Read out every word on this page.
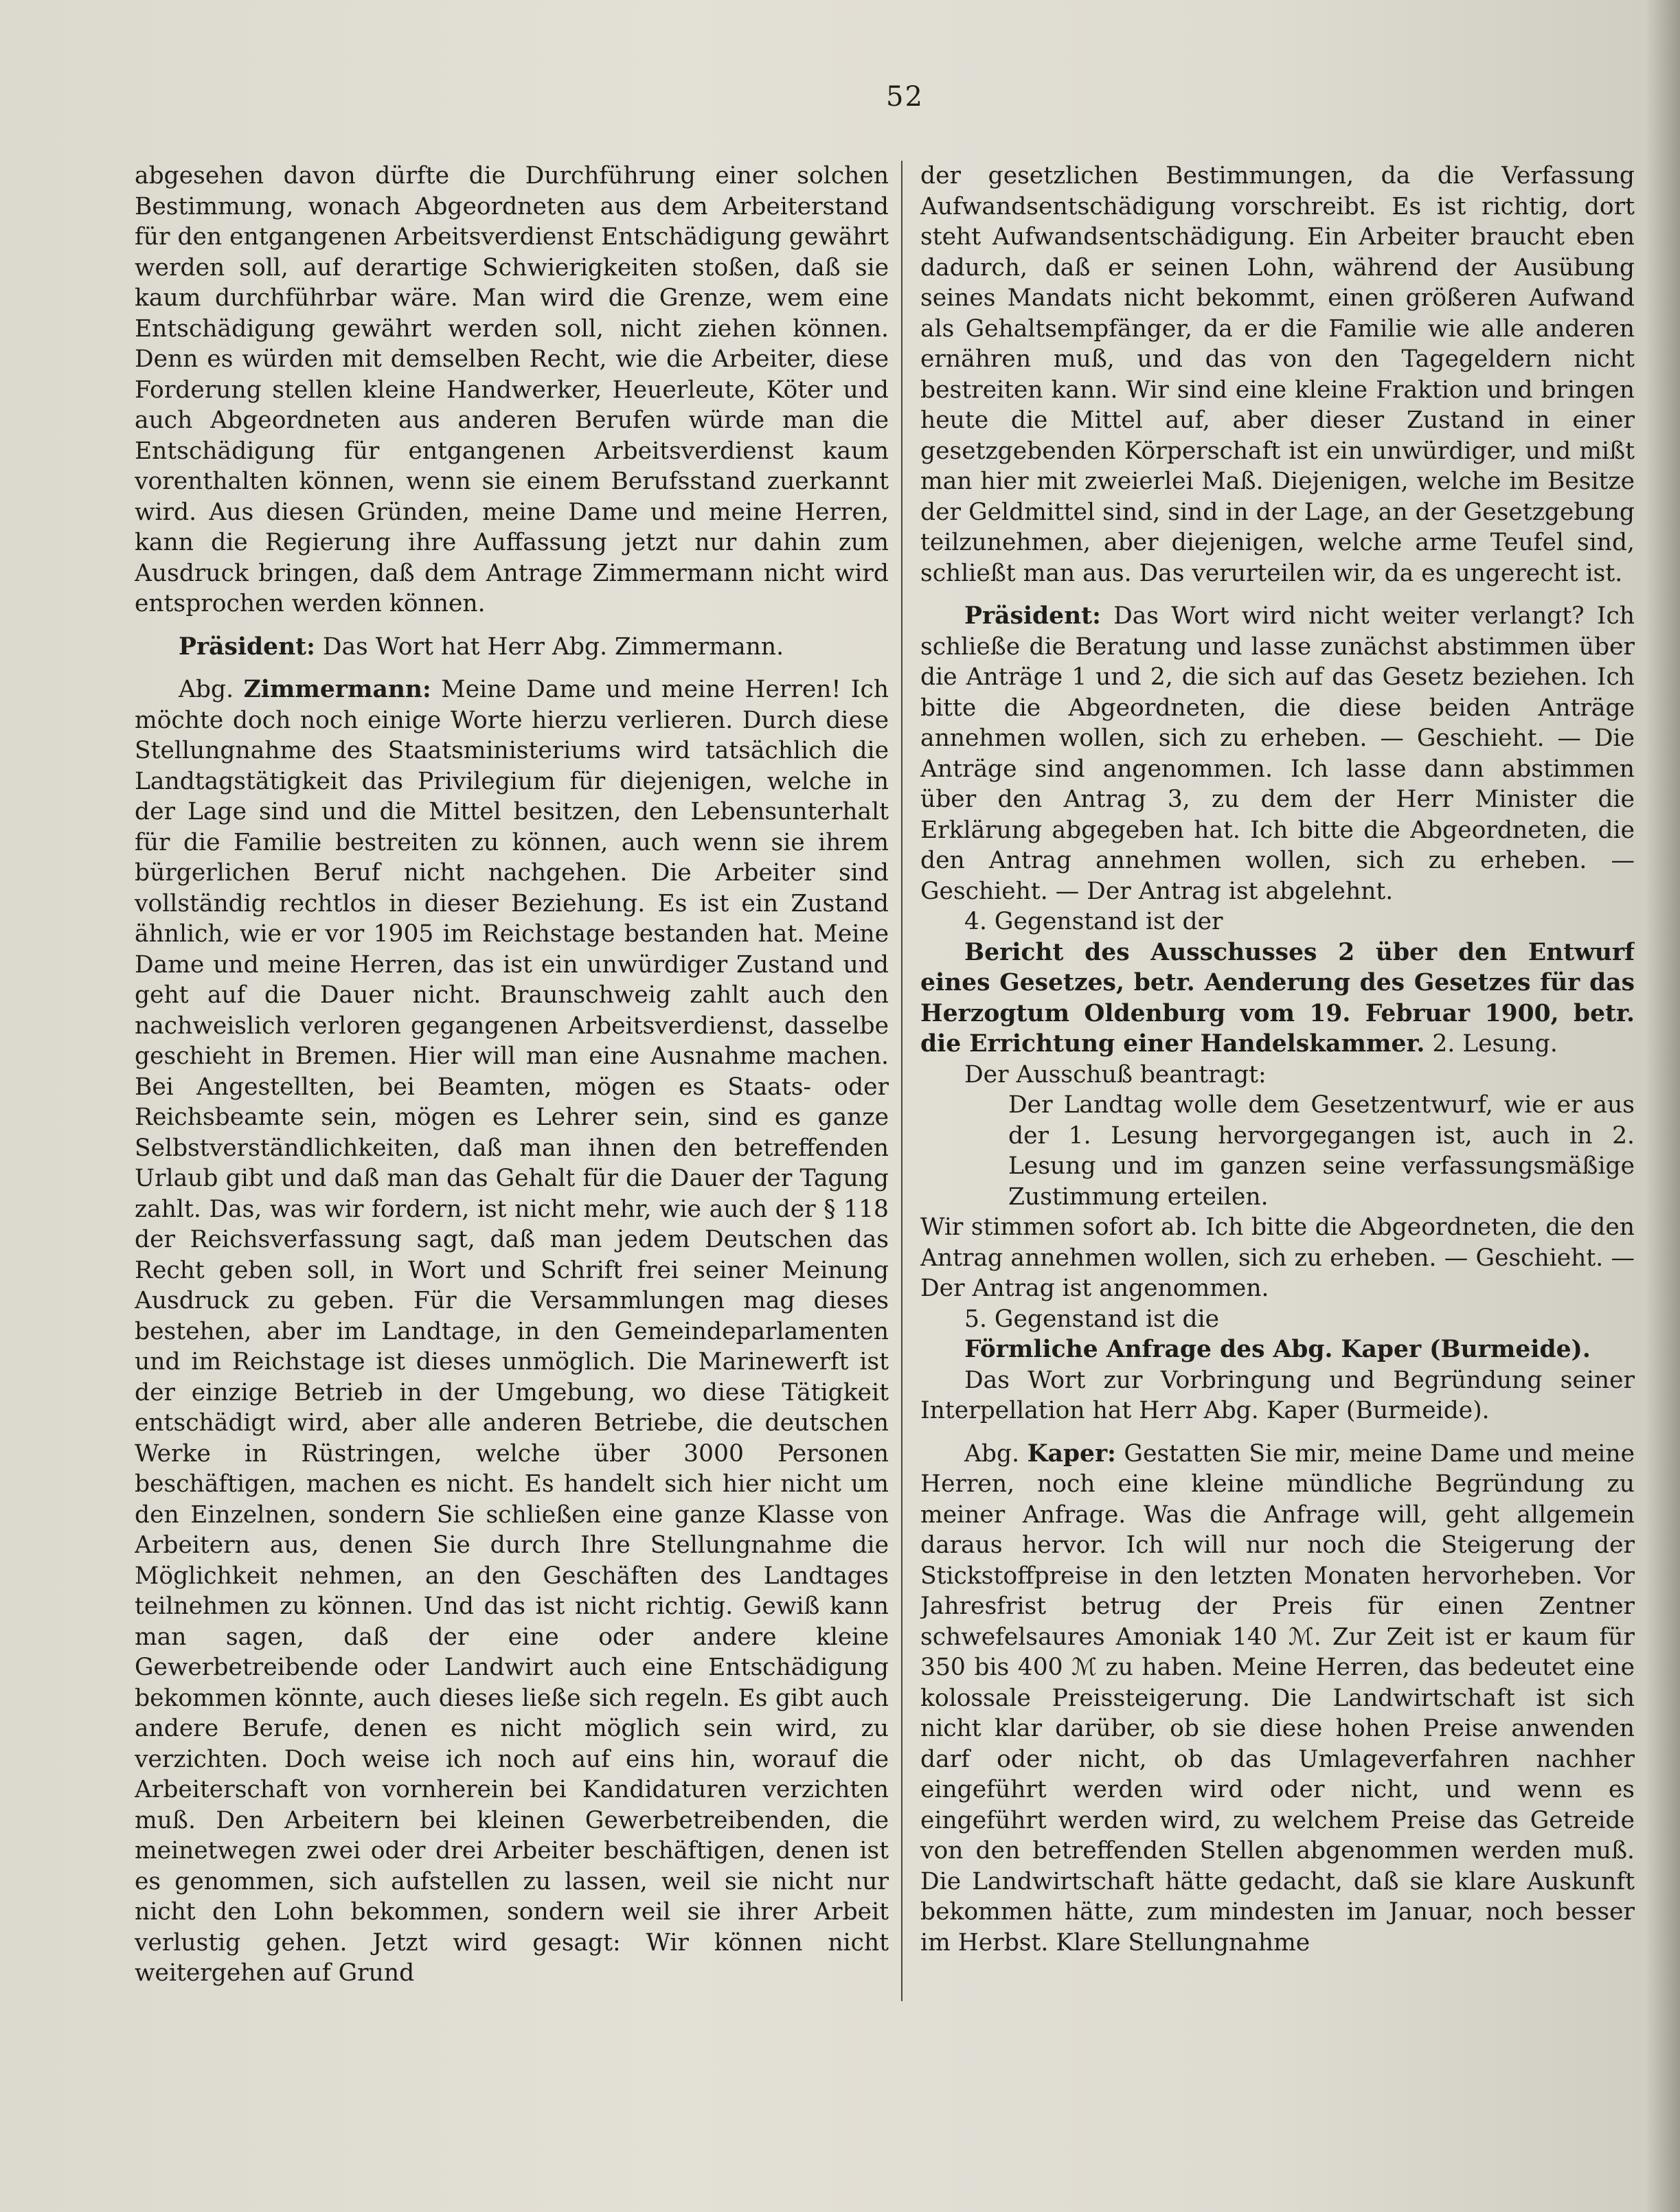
52

abgesehen davon dürfte die Durchführung einer solchen Bestimmung, wonach Abgeordneten aus dem Arbeiterstand für den entgangenen Arbeitsverdienst Entschädigung gewährt werden soll, auf derartige Schwierigkeiten stoßen, daß sie kaum durchführbar wäre. Man wird die Grenze, wem eine Entschädigung gewährt werden soll, nicht ziehen können. Denn es würden mit demselben Recht, wie die Arbeiter, diese Forderung stellen kleine Handwerker, Heuerleute, Köter und auch Abgeordneten aus anderen Berufen würde man die Entschädigung für entgangenen Arbeitsverdienst kaum vorenthalten können, wenn sie einem Berufsstand zuerkannt wird. Aus diesen Gründen, meine Dame und meine Herren, kann die Regierung ihre Auffassung jetzt nur dahin zum Ausdruck bringen, daß dem Antrage Zimmermann nicht wird entsprochen werden können.

Präsident: Das Wort hat Herr Abg. Zimmermann.

Abg. Zimmermann: Meine Dame und meine Herren! Ich möchte doch noch einige Worte hierzu verlieren. Durch diese Stellungnahme des Staatsministeriums wird tatsächlich die Landtagstätigkeit das Privilegium für diejenigen, welche in der Lage sind und die Mittel besitzen, den Lebensunterhalt für die Familie bestreiten zu können, auch wenn sie ihrem bürgerlichen Beruf nicht nachgehen. Die Arbeiter sind vollständig rechtlos in dieser Beziehung. Es ist ein Zustand ähnlich, wie er vor 1905 im Reichstage bestanden hat. Meine Dame und meine Herren, das ist ein unwürdiger Zustand und geht auf die Dauer nicht. Braunschweig zahlt auch den nachweislich verloren gegangenen Arbeitsverdienst, dasselbe geschieht in Bremen. Hier will man eine Ausnahme machen. Bei Angestellten, bei Beamten, mögen es Staats- oder Reichsbeamte sein, mögen es Lehrer sein, sind es ganze Selbstverständlichkeiten, daß man ihnen den betreffenden Urlaub gibt und daß man das Gehalt für die Dauer der Tagung zahlt. Das, was wir fordern, ist nicht mehr, wie auch der § 118 der Reichsverfassung sagt, daß man jedem Deutschen das Recht geben soll, in Wort und Schrift frei seiner Meinung Ausdruck zu geben. Für die Versammlungen mag dieses bestehen, aber im Landtage, in den Gemeindeparlamenten und im Reichstage ist dieses unmöglich. Die Marinewerft ist der einzige Betrieb in der Umgebung, wo diese Tätigkeit entschädigt wird, aber alle anderen Betriebe, die deutschen Werke in Rüstringen, welche über 3000 Personen beschäftigen, machen es nicht. Es handelt sich hier nicht um den Einzelnen, sondern Sie schließen eine ganze Klasse von Arbeitern aus, denen Sie durch Ihre Stellungnahme die Möglichkeit nehmen, an den Geschäften des Landtages teilnehmen zu können. Und das ist nicht richtig. Gewiß kann man sagen, daß der eine oder andere kleine Gewerbetreibende oder Landwirt auch eine Entschädigung bekommen könnte, auch dieses ließe sich regeln. Es gibt auch andere Berufe, denen es nicht möglich sein wird, zu verzichten. Doch weise ich noch auf eins hin, worauf die Arbeiterschaft von vornherein bei Kandidaturen verzichten muß. Den Arbeitern bei kleinen Gewerbetreibenden, die meinetwegen zwei oder drei Arbeiter beschäftigen, denen ist es genommen, sich aufstellen zu lassen, weil sie nicht nur nicht den Lohn bekommen, sondern weil sie ihrer Arbeit verlustig gehen. Jetzt wird gesagt: Wir können nicht weitergehen auf Grund

der gesetzlichen Bestimmungen, da die Verfassung Aufwandsentschädigung vorschreibt. Es ist richtig, dort steht Aufwandsentschädigung. Ein Arbeiter braucht eben dadurch, daß er seinen Lohn, während der Ausübung seines Mandats nicht bekommt, einen größeren Aufwand als Gehaltsempfänger, da er die Familie wie alle anderen ernähren muß, und das von den Tagegeldern nicht bestreiten kann. Wir sind eine kleine Fraktion und bringen heute die Mittel auf, aber dieser Zustand in einer gesetzgebenden Körperschaft ist ein unwürdiger, und mißt man hier mit zweierlei Maß. Diejenigen, welche im Besitze der Geldmittel sind, sind in der Lage, an der Gesetzgebung teilzunehmen, aber diejenigen, welche arme Teufel sind, schließt man aus. Das verurteilen wir, da es ungerecht ist.

Präsident: Das Wort wird nicht weiter verlangt? Ich schließe die Beratung und lasse zunächst abstimmen über die Anträge 1 und 2, die sich auf das Gesetz beziehen. Ich bitte die Abgeordneten, die diese beiden Anträge annehmen wollen, sich zu erheben. — Geschieht. — Die Anträge sind angenommen. Ich lasse dann abstimmen über den Antrag 3, zu dem der Herr Minister die Erklärung abgegeben hat. Ich bitte die Abgeordneten, die den Antrag annehmen wollen, sich zu erheben. — Geschieht. — Der Antrag ist abgelehnt.

4. Gegenstand ist der

Bericht des Ausschusses 2 über den Entwurf eines Gesetzes, betr. Aenderung des Gesetzes für das Herzogtum Oldenburg vom 19. Februar 1900, betr. die Errichtung einer Handelskammer. 2. Lesung.

Der Ausschuß beantragt:

Der Landtag wolle dem Gesetzentwurf, wie er aus der 1. Lesung hervorgegangen ist, auch in 2. Lesung und im ganzen seine verfassungsmäßige Zustimmung erteilen.

Wir stimmen sofort ab. Ich bitte die Abgeordneten, die den Antrag annehmen wollen, sich zu erheben. — Geschieht. — Der Antrag ist angenommen.

5. Gegenstand ist die

Förmliche Anfrage des Abg. Kaper (Burmeide).

Das Wort zur Vorbringung und Begründung seiner Interpellation hat Herr Abg. Kaper (Burmeide).

Abg. Kaper: Gestatten Sie mir, meine Dame und meine Herren, noch eine kleine mündliche Begründung zu meiner Anfrage. Was die Anfrage will, geht allgemein daraus hervor. Ich will nur noch die Steigerung der Stickstoffpreise in den letzten Monaten hervorheben. Vor Jahresfrist betrug der Preis für einen Zentner schwefelsaures Amoniak 140 ℳ. Zur Zeit ist er kaum für 350 bis 400 ℳ zu haben. Meine Herren, das bedeutet eine kolossale Preissteigerung. Die Landwirtschaft ist sich nicht klar darüber, ob sie diese hohen Preise anwenden darf oder nicht, ob das Umlageverfahren nachher eingeführt werden wird oder nicht, und wenn es eingeführt werden wird, zu welchem Preise das Getreide von den betreffenden Stellen abgenommen werden muß. Die Landwirtschaft hätte gedacht, daß sie klare Auskunft bekommen hätte, zum mindesten im Januar, noch besser im Herbst. Klare Stellungnahme
